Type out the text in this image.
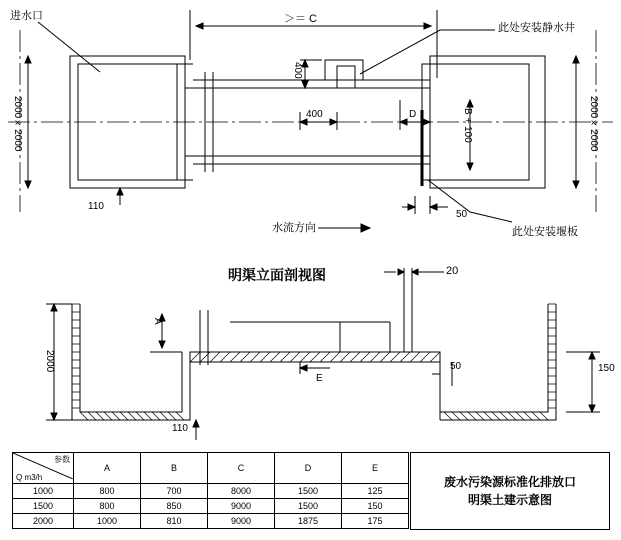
进水口
此处安装静水井
此处安装堰板
水流方向
＞＝ C
400
400	D	B + 100
110
50
2000×2000	2000×2000
明渠立面剖视图	20
A
2000
110
E
50	150
参数
Q m3/h	A	B	C	D	E
1000	800	700	8000	1500	125
1500	800	850	9000	1500	150
2000	1000	810	9000	1875	175
废水污染源标准化排放口
明渠土建示意图
